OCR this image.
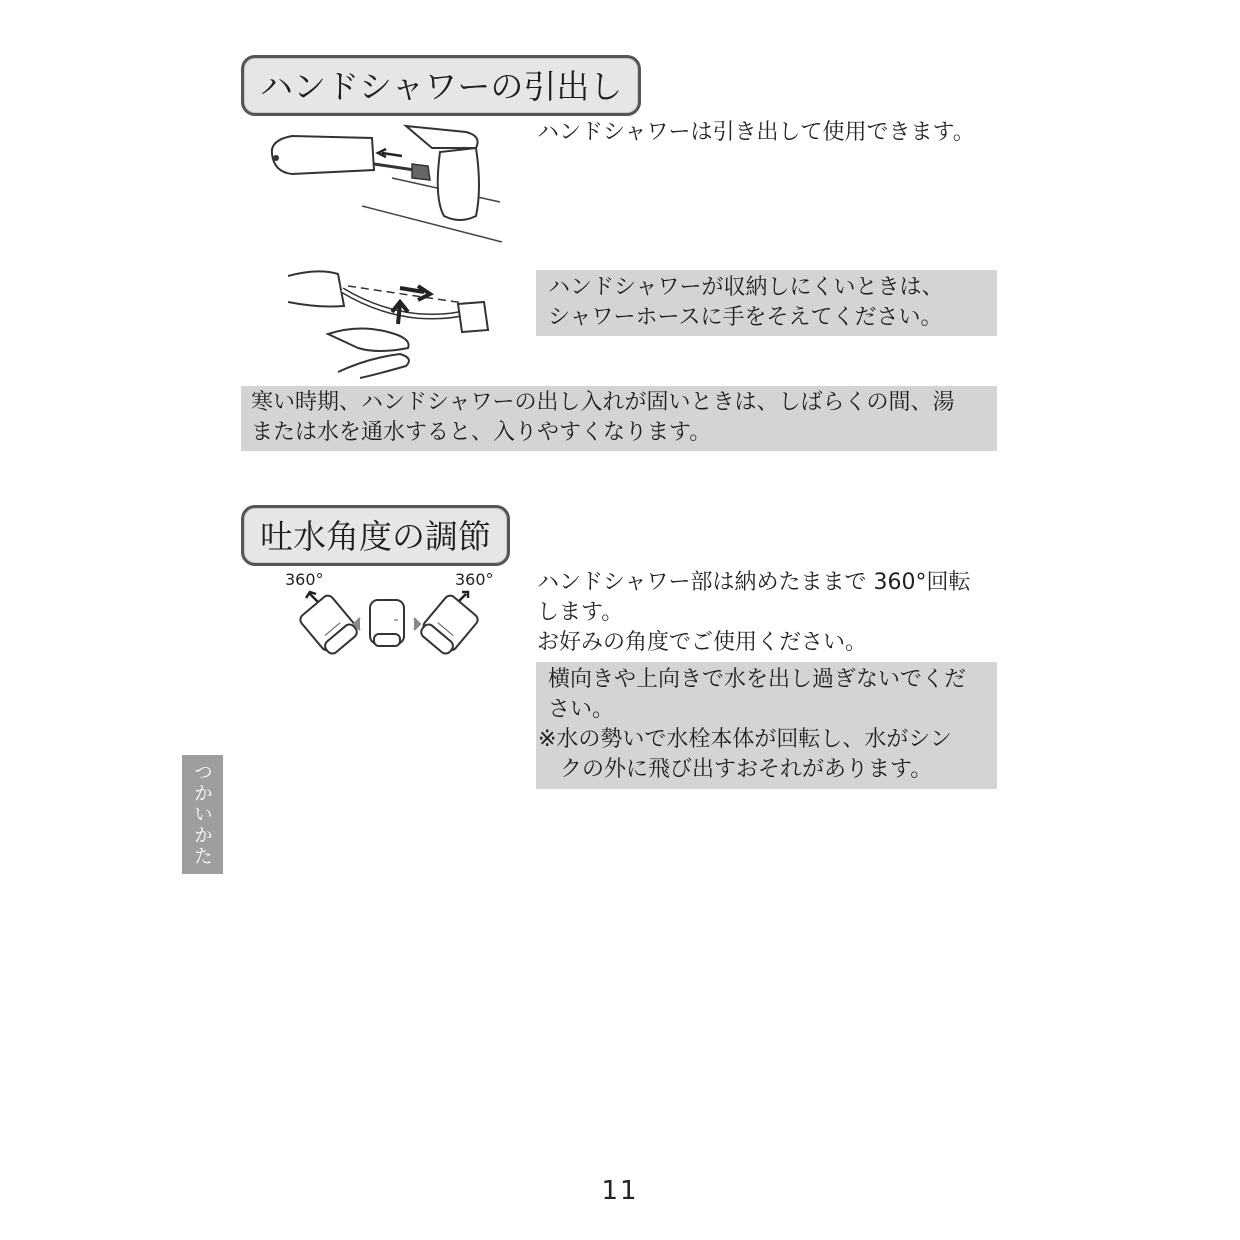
ハンドシャワーの引出し
ハンドシャワーは引き出して使用できます。

ハンドシャワーが収納しにくいときは、

シャワーホースに手をそえてください。

寒い時期、ハンドシャワーの出し入れが固いときは、しばらくの間、湯

または水を通水すると、入りやすくなります。

吐水角度の調節
360°	360° ハンドシャワー部は納めたままで 360°回転
します。
お好みの角度でご使用ください。

横向きや上向きで水を出し過ぎないでくだ

さい。

※水の勢いで水栓本体が回転し、水がシン

　クの外に飛び出すおそれがあります。

つかいかた
11
